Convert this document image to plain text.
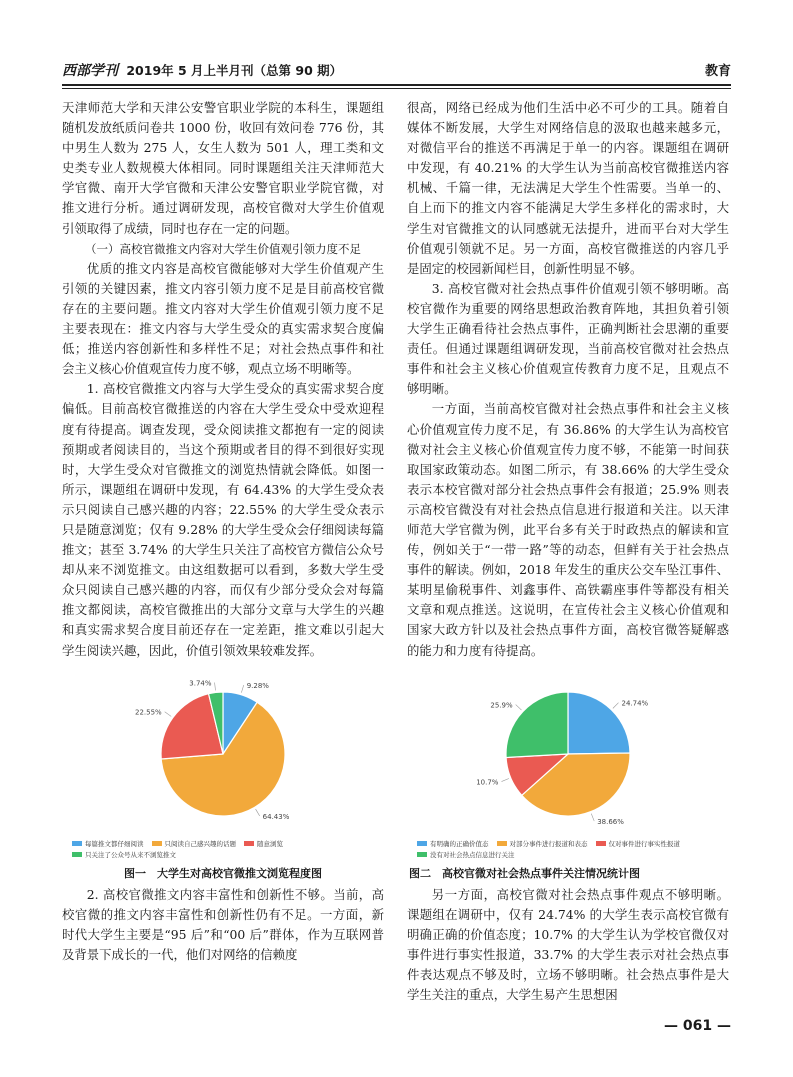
西部学刊 2019年 5 月上半月刊（总第 90 期）	教育

天津师范大学和天津公安警官职业学院的本科生，课题组随机发放纸质问卷共 1000 份，收回有效问卷 776 份，其中男生人数为 275 人，女生人数为 501 人，理工类和文史类专业人数规模大体相同。同时课题组关注天津师范大学官微、南开大学官微和天津公安警官职业学院官微，对推文进行分析。通过调研发现，高校官微对大学生价值观引领取得了成绩，同时也存在一定的问题。

（一）高校官微推文内容对大学生价值观引领力度不足

优质的推文内容是高校官微能够对大学生价值观产生引领的关键因素，推文内容引领力度不足是目前高校官微存在的主要问题。推文内容对大学生价值观引领力度不足主要表现在：推文内容与大学生受众的真实需求契合度偏低；推送内容创新性和多样性不足；对社会热点事件和社会主义核心价值观宣传力度不够，观点立场不明晰等。

1. 高校官微推文内容与大学生受众的真实需求契合度偏低。目前高校官微推送的内容在大学生受众中受欢迎程度有待提高。调查发现，受众阅读推文都抱有一定的阅读预期或者阅读目的，当这个预期或者目的得不到很好实现时，大学生受众对官微推文的浏览热情就会降低。如图一所示，课题组在调研中发现，有 64.43% 的大学生受众表示只阅读自己感兴趣的内容；22.55% 的大学生受众表示只是随意浏览；仅有 9.28% 的大学生受众会仔细阅读每篇推文；甚至 3.74% 的大学生只关注了高校官方微信公众号却从来不浏览推文。由这组数据可以看到，多数大学生受众只阅读自己感兴趣的内容，而仅有少部分受众会对每篇推文都阅读，高校官微推出的大部分文章与大学生的兴趣和真实需求契合度目前还存在一定差距，推文难以引起大学生阅读兴趣，因此，价值引领效果较难发挥。

9.28%
64.43%
22.55%
3.74%
每篇推文都仔细阅读	只阅读自己感兴趣的话题	随意浏览
只关注了公众号从来不浏览推文
图一　大学生对高校官微推文浏览程度图

2. 高校官微推文内容丰富性和创新性不够。当前，高校官微的推文内容丰富性和创新性仍有不足。一方面，新时代大学生主要是“95 后”和“00 后”群体，作为互联网普及背景下成长的一代，他们对网络的信赖度

很高，网络已经成为他们生活中必不可少的工具。随着自媒体不断发展，大学生对网络信息的汲取也越来越多元，对微信平台的推送不再满足于单一的内容。课题组在调研中发现，有 40.21% 的大学生认为当前高校官微推送内容机械、千篇一律，无法满足大学生个性需要。当单一的、自上而下的推文内容不能满足大学生多样化的需求时，大学生对官微推文的认同感就无法提升，进而平台对大学生价值观引领就不足。另一方面，高校官微推送的内容几乎是固定的校园新闻栏目，创新性明显不够。

3. 高校官微对社会热点事件价值观引领不够明晰。高校官微作为重要的网络思想政治教育阵地，其担负着引领大学生正确看待社会热点事件，正确判断社会思潮的重要责任。但通过课题组调研发现，当前高校官微对社会热点事件和社会主义核心价值观宣传教育力度不足，且观点不够明晰。

一方面，当前高校官微对社会热点事件和社会主义核心价值观宣传力度不足，有 36.86% 的大学生认为高校官微对社会主义核心价值观宣传力度不够，不能第一时间获取国家政策动态。如图二所示，有 38.66% 的大学生受众表示本校官微对部分社会热点事件会有报道；25.9% 则表示高校官微没有对社会热点信息进行报道和关注。以天津师范大学官微为例，此平台多有关于时政热点的解读和宣传，例如关于“一带一路”等的动态，但鲜有关于社会热点事件的解读。例如，2018 年发生的重庆公交车坠江事件、某明星偷税事件、刘鑫事件、高铁霸座事件等都没有相关文章和观点推送。这说明，在宣传社会主义核心价值观和国家大政方针以及社会热点事件方面，高校官微答疑解惑的能力和力度有待提高。

24.74%
38.66%
10.7%
25.9%
有明确的正确价值态	对部分事件进行报道和表态	仅对事件进行事实性报道
没有对社会热点信息进行关注
图二　高校官微对社会热点事件关注情况统计图

另一方面，高校官微对社会热点事件观点不够明晰。课题组在调研中，仅有 24.74% 的大学生表示高校官微有明确正确的价值态度；10.7% 的大学生认为学校官微仅对事件进行事实性报道，33.7% 的大学生表示对社会热点事件表达观点不够及时，立场不够明晰。社会热点事件是大学生关注的重点，大学生易产生思想困

— 061 —
